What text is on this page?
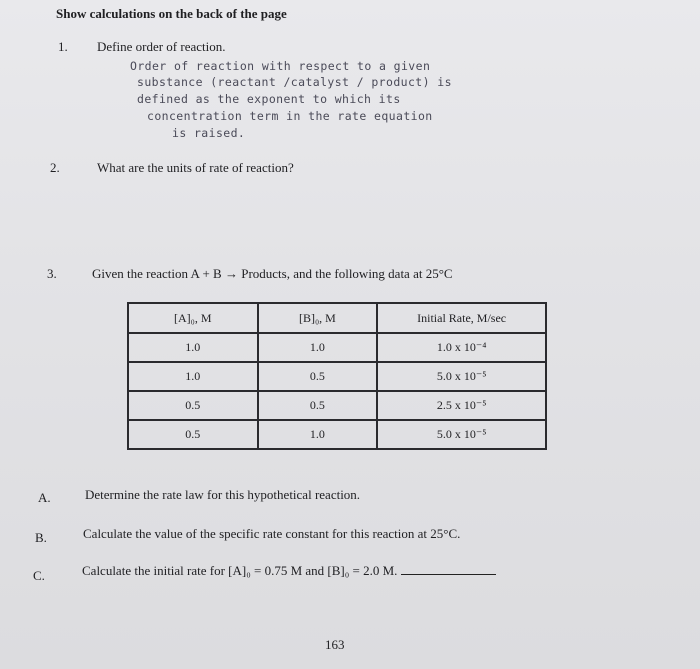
Show calculations on the back of the page
1. Define order of reaction.
Order of reaction with respect to a given
substance (reactant /catalyst / product) is
defined as the exponent to which its
concentration term in the rate equation
is raised.
2.	What are the units of rate of reaction?
3.	Given the reaction A + B → Products, and the following data at 25°C
[A]₀, M	[B]₀, M	Initial Rate, M/sec
1.0	1.0	1.0 x 10⁻⁴
1.0	0.5	5.0 x 10⁻⁵
0.5	0.5	2.5 x 10⁻⁵
0.5	1.0	5.0 x 10⁻⁵
A.	Determine the rate law for this hypothetical reaction.
B.	Calculate the value of the specific rate constant for this reaction at 25°C.
C.	Calculate the initial rate for [A]₀ = 0.75 M and [B]₀ = 2.0 M.
163
